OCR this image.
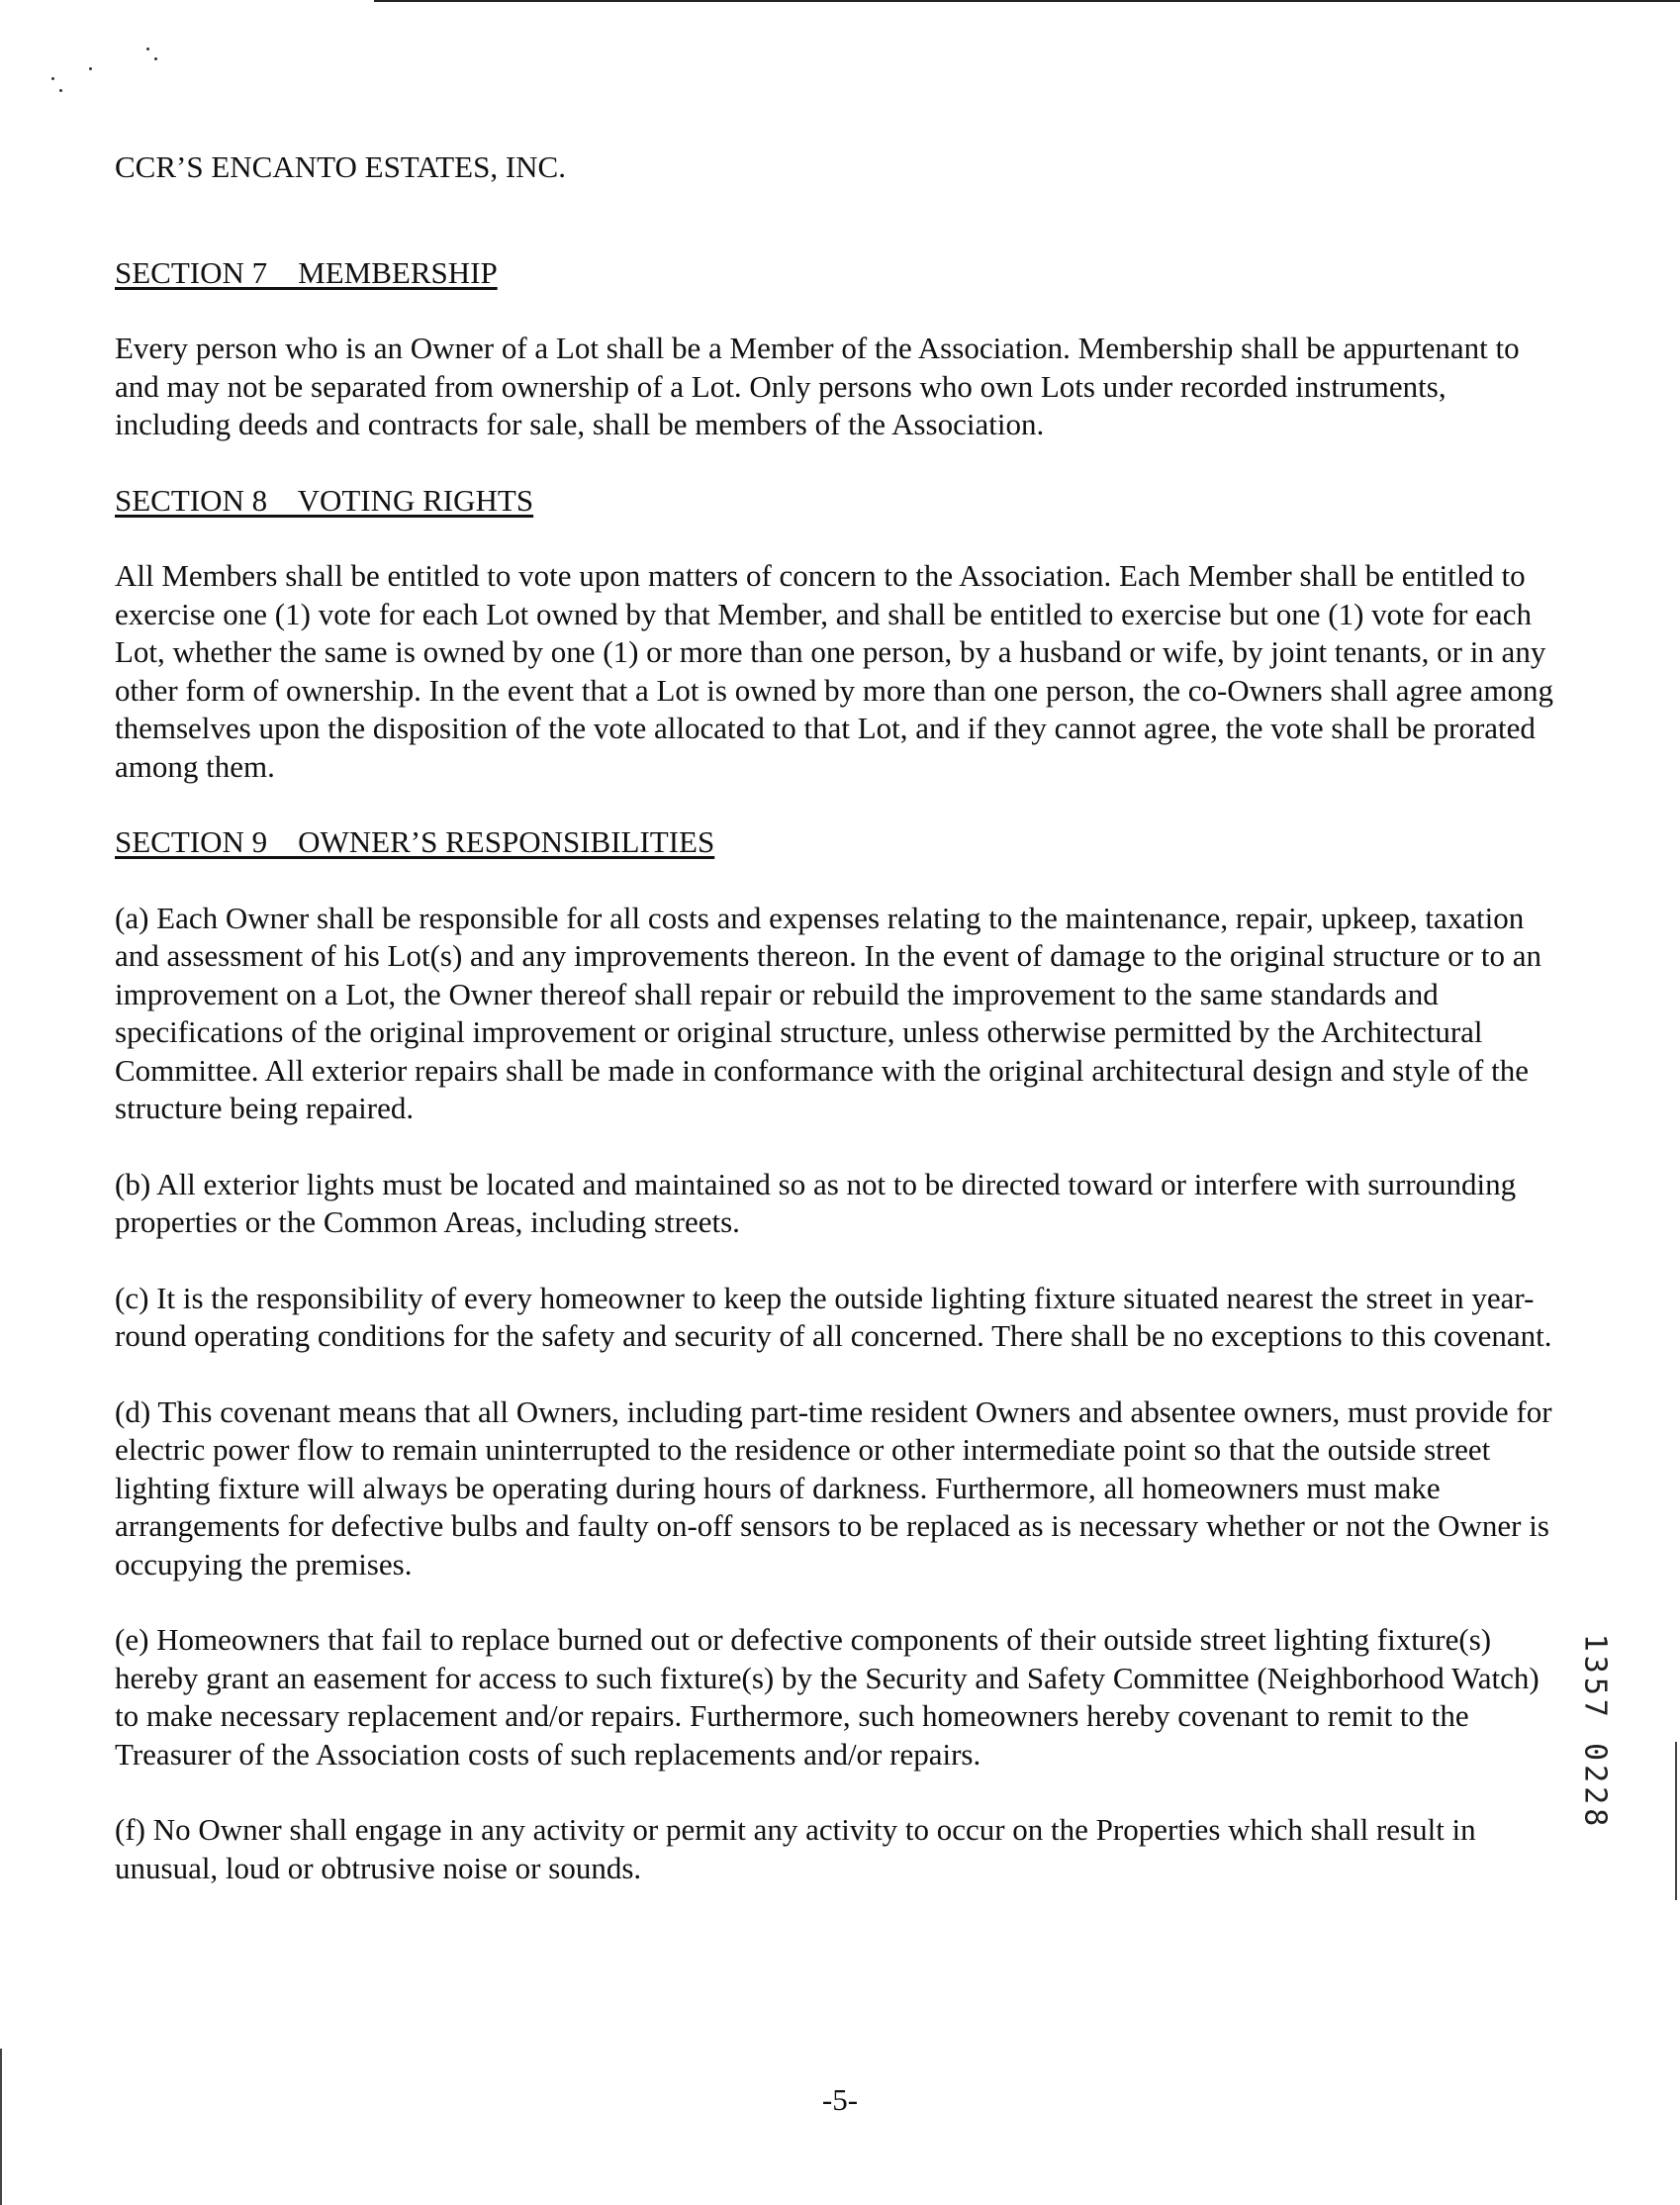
CCR’S ENCANTO ESTATES, INC.
SECTION 7    MEMBERSHIP

Every person who is an Owner of a Lot shall be a Member of the Association. Membership shall be appurtenant to and may not be separated from ownership of a Lot. Only persons who own Lots under recorded instruments, including deeds and contracts for sale, shall be members of the Association.

SECTION 8    VOTING RIGHTS

All Members shall be entitled to vote upon matters of concern to the Association. Each Member shall be entitled to exercise one (1) vote for each Lot owned by that Member, and shall be entitled to exercise but one (1) vote for each Lot, whether the same is owned by one (1) or more than one person, by a husband or wife, by joint tenants, or in any other form of ownership. In the event that a Lot is owned by more than one person, the co-Owners shall agree among themselves upon the disposition of the vote allocated to that Lot, and if they cannot agree, the vote shall be prorated among them.

SECTION 9    OWNER’S RESPONSIBILITIES

(a) Each Owner shall be responsible for all costs and expenses relating to the maintenance, repair, upkeep, taxation and assessment of his Lot(s) and any improvements thereon. In the event of damage to the original structure or to an improvement on a Lot, the Owner thereof shall repair or rebuild the improvement to the same standards and specifications of the original improvement or original structure, unless otherwise permitted by the Architectural Committee. All exterior repairs shall be made in conformance with the original architectural design and style of the structure being repaired.

(b) All exterior lights must be located and maintained so as not to be directed toward or interfere with surrounding properties or the Common Areas, including streets.

(c) It is the responsibility of every homeowner to keep the outside lighting fixture situated nearest the street in year-round operating conditions for the safety and security of all concerned. There shall be no exceptions to this covenant.

(d) This covenant means that all Owners, including part-time resident Owners and absentee owners, must provide for electric power flow to remain uninterrupted to the residence or other intermediate point so that the outside street lighting fixture will always be operating during hours of darkness. Furthermore, all homeowners must make arrangements for defective bulbs and faulty on-off sensors to be replaced as is necessary whether or not the Owner is occupying the premises.

(e) Homeowners that fail to replace burned out or defective components of their outside street lighting fixture(s) hereby grant an easement for access to such fixture(s) by the Security and Safety Committee (Neighborhood Watch) to make necessary replacement and/or repairs. Furthermore, such homeowners hereby covenant to remit to the Treasurer of the Association costs of such replacements and/or repairs.

(f) No Owner shall engage in any activity or permit any activity to occur on the Properties which shall result in unusual, loud or obtrusive noise or sounds.

1357 0228
-5-
